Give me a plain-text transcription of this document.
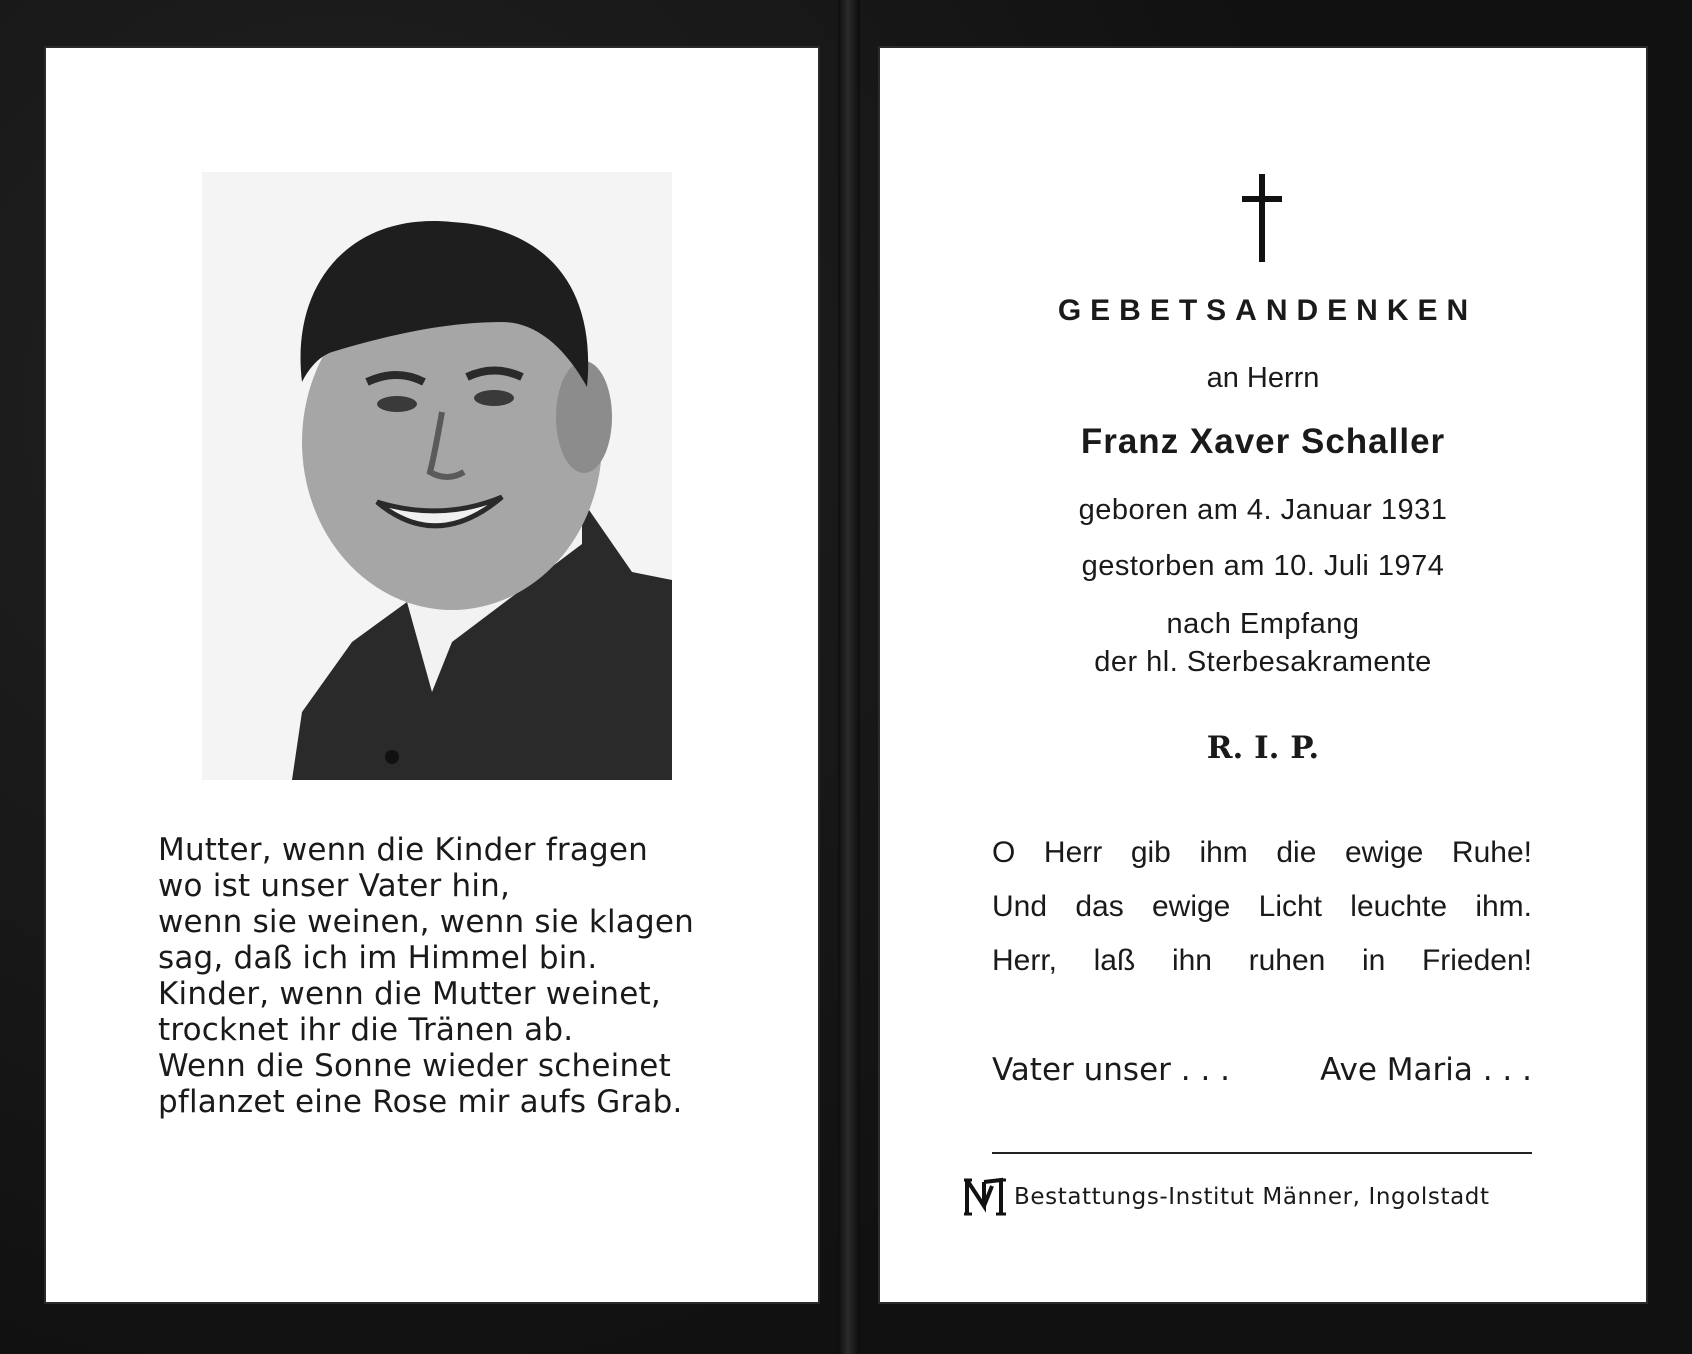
Mutter, wenn die Kinder fragen
wo ist unser Vater hin,
wenn sie weinen, wenn sie klagen
sag, daß ich im Himmel bin.
Kinder, wenn die Mutter weinet,
trocknet ihr die Tränen ab.
Wenn die Sonne wieder scheinet
pflanzet eine Rose mir aufs Grab.
GEBETSANDENKEN
an Herrn
Franz Xaver Schaller
geboren am 4. Januar 1931
gestorben am 10. Juli 1974
nach Empfang
der hl. Sterbesakramente
R. I. P.
O Herr gib ihm die ewige Ruhe!
Und das ewige Licht leuchte ihm.
Herr, laß ihn ruhen in Frieden!
Vater unser . . .	Ave Maria . . .
Bestattungs-Institut Männer, Ingolstadt
